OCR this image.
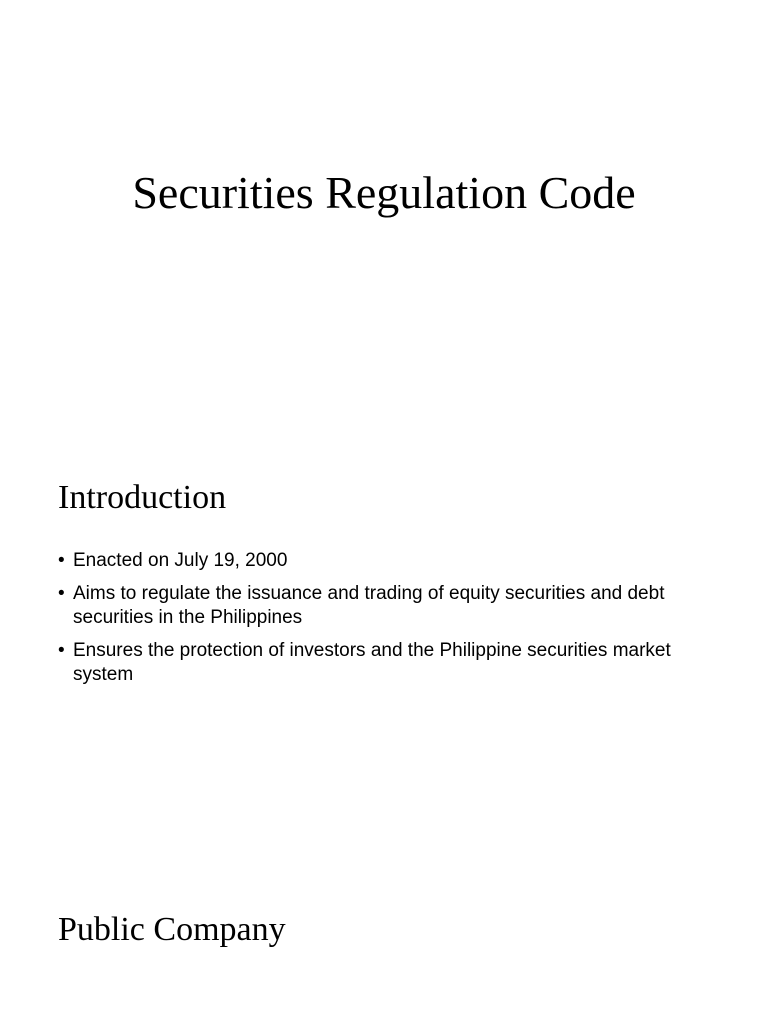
Securities Regulation Code
Introduction
• Enacted on July 19, 2000
• Aims to regulate the issuance and trading of equity securities and debt securities in the Philippines
• Ensures the protection of investors and the Philippine securities market system
Public Company
